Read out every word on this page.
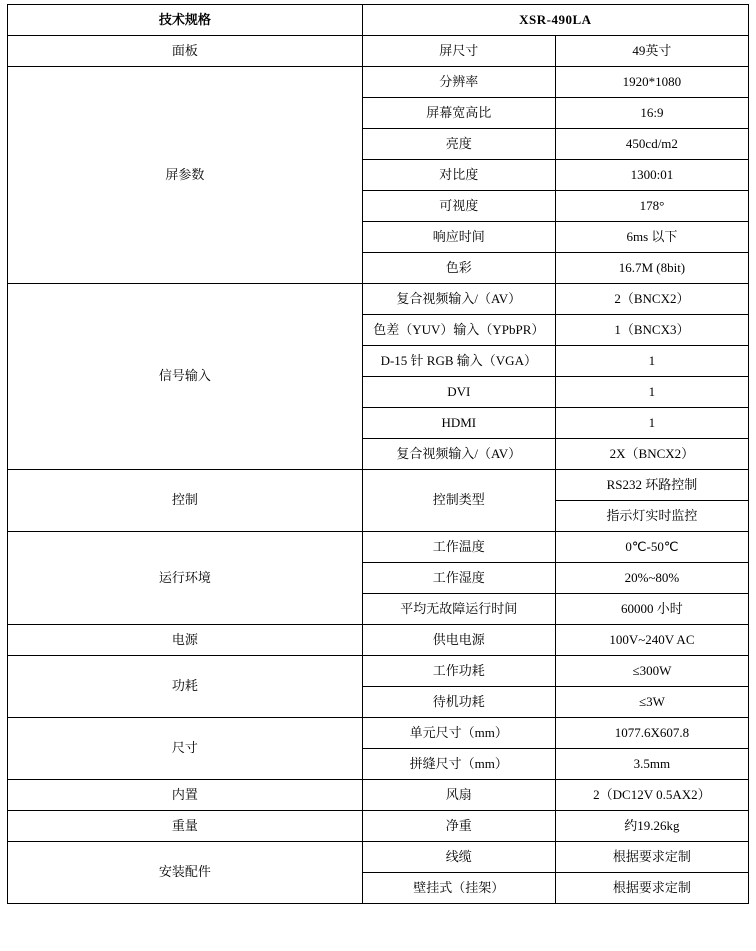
技术规格	XSR-490LA	
面板	屏尺寸	49英寸
屏参数	分辨率	1920*1080
	屏幕宽高比	16:9
	亮度	450cd/m2
	对比度	1300:01
	可视度	178°
	响应时间	6ms 以下
	色彩	16.7M (8bit)
信号输入	复合视频输入/（AV）	2（BNCX2）
	色差（YUV）输入（YPbPR）	1（BNCX3）
	D-15 针 RGB 输入（VGA）	1
	DVI	1
	HDMI	1
	复合视频输入/（AV）	2X（BNCX2）
控制	控制类型	RS232 环路控制
		指示灯实时监控
运行环境	工作温度	0℃-50℃
	工作湿度	20%~80%
	平均无故障运行时间	60000 小时
电源	供电电源	100V~240V AC
功耗	工作功耗	≤300W
	待机功耗	≤3W
尺寸	单元尺寸（mm）	1077.6X607.8
	拼缝尺寸（mm）	3.5mm
内置	风扇	2（DC12V 0.5AX2）
重量	净重	约19.26kg
安装配件	线缆	根据要求定制
	壁挂式（挂架）	根据要求定制
